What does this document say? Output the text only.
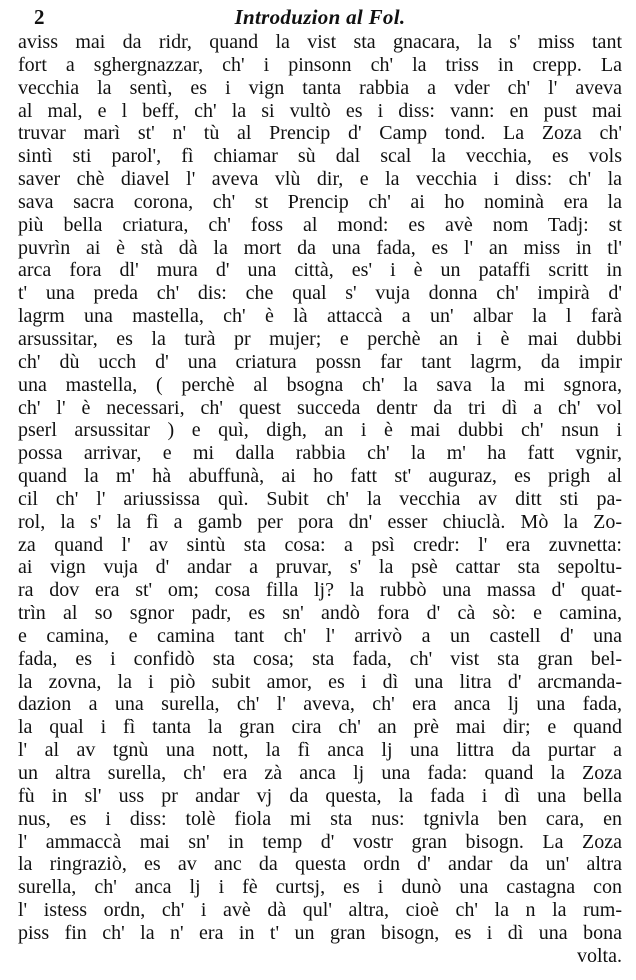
2	Introduzion al Fol.
aviss mai da ridr, quand la vist sta gnacara, la s' miss tant
fort a sghergnazzar, ch' i pinsonn ch' la triss in crepp. La
vecchia la sentì, es i vign tanta rabbia a vder ch' l' aveva
al mal, e l beff, ch' la si vultò es i diss: vann: en pust mai
truvar marì st' n' tù al Prencip d' Camp tond. La Zoza ch'
sintì sti parol', fì chiamar sù dal scal la vecchia, es vols
saver chè diavel l' aveva vlù dir, e la vecchia i diss: ch' la
sava sacra corona, ch' st Prencip ch' ai ho nominà era la
più bella criatura, ch' foss al mond: es avè nom Tadj: st
puvrìn ai è stà dà la mort da una fada, es l' an miss in tl'
arca fora dl' mura d' una città, es' i è un pataffi scritt in
t' una preda ch' dis: che qual s' vuja donna ch' impirà d'
lagrm una mastella, ch' è là attaccà a un' albar la l farà
arsussitar, es la turà pr mujer; e perchè an i è mai dubbi
ch' dù ucch d' una criatura possn far tant lagrm, da impir
una mastella, ( perchè al bsogna ch' la sava la mi sgnora,
ch' l' è necessari, ch' quest succeda dentr da tri dì a ch' vol
pserl arsussitar ) e quì, digh, an i è mai dubbi ch' nsun i
possa arrivar, e mi dalla rabbia ch' la m' ha fatt vgnir,
quand la m' hà abuffunà, ai ho fatt st' auguraz, es prigh al
cil ch' l' ariussissa quì. Subit ch' la vecchia av ditt sti pa-
rol, la s' la fì a gamb per pora dn' esser chiuclà. Mò la Zo-
za quand l' av sintù sta cosa: a psì credr: l' era zuvnetta:
ai vign vuja d' andar a pruvar, s' la psè cattar sta sepoltu-
ra dov era st' om; cosa filla lj? la rubbò una massa d' quat-
trìn al so sgnor padr, es sn' andò fora d' cà sò: e camina,
e camina, e camina tant ch' l' arrivò a un castell d' una
fada, es i confidò sta cosa; sta fada, ch' vist sta gran bel-
la zovna, la i piò subit amor, es i dì una litra d' arcmanda-
dazion a una surella, ch' l' aveva, ch' era anca lj una fada,
la qual i fì tanta la gran cira ch' an prè mai dir; e quand
l' al av tgnù una nott, la fì anca lj una littra da purtar a
un altra surella, ch' era zà anca lj una fada: quand la Zoza
fù in sl' uss pr andar vj da questa, la fada i dì una bella
nus, es i diss: tolè fiola mi sta nus: tgnivla ben cara, en
l' ammaccà mai sn' in temp d' vostr gran bisogn. La Zoza
la ringraziò, es av anc da questa ordn d' andar da un' altra
surella, ch' anca lj i fè curtsj, es i dunò una castagna con
l' istess ordn, ch' i avè dà qul' altra, cioè ch' la n la rum-
piss fin ch' la n' era in t' un gran bisogn, es i dì una bona
volta.
